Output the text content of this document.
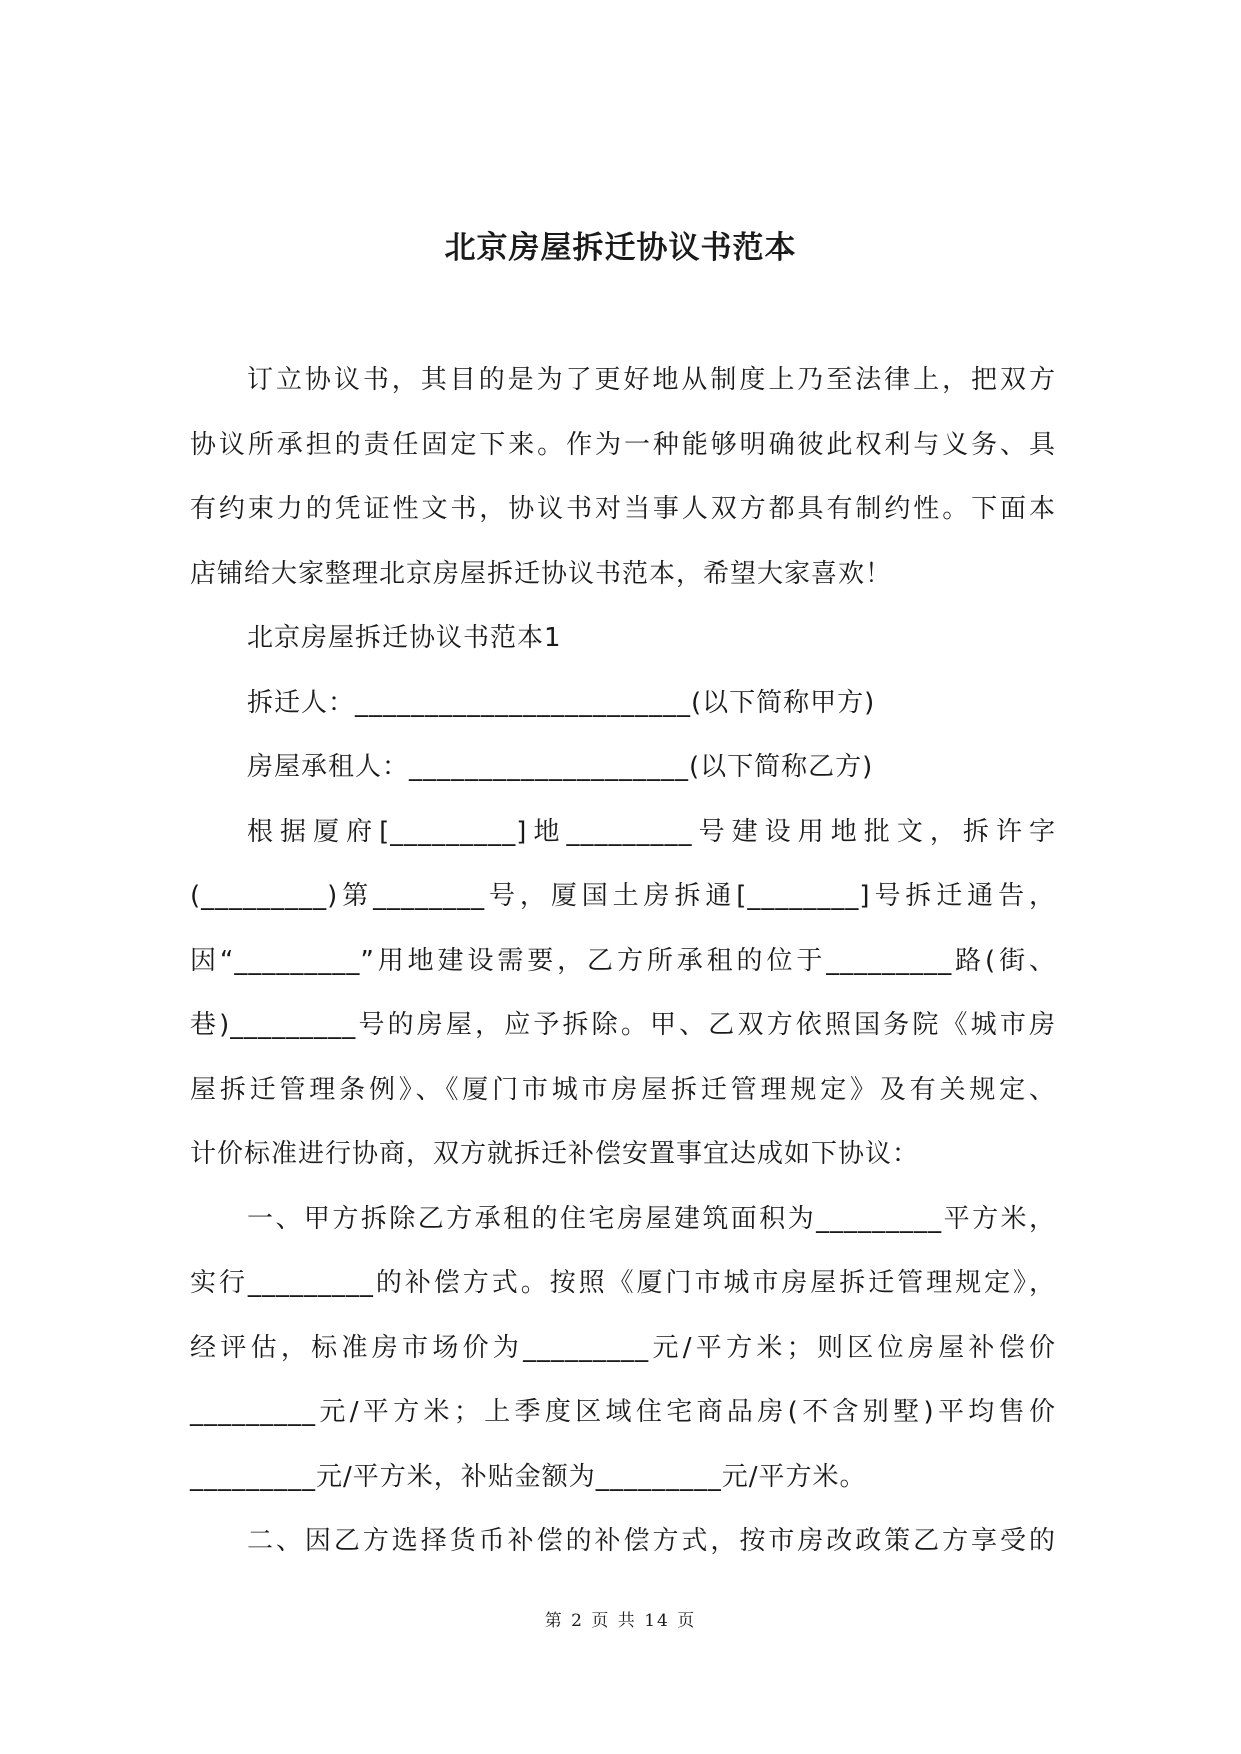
北京房屋拆迁协议书范本
订立协议书，其目的是为了更好地从制度上乃至法律上，把双方
协议所承担的责任固定下来。作为一种能够明确彼此权利与义务、具
有约束力的凭证性文书，协议书对当事人双方都具有制约性。下面本
店铺给大家整理北京房屋拆迁协议书范本，希望大家喜欢！
北京房屋拆迁协议书范本1
拆迁人：________________________(以下简称甲方)
房屋承租人：____________________(以下简称乙方)
根据厦府[_________]地_________号建设用地批文，拆许字
(_________)第________号，厦国土房拆通[________]号拆迁通告，
因“_________”用地建设需要，乙方所承租的位于_________路(街、
巷)_________号的房屋，应予拆除。甲、乙双方依照国务院《城市房
屋拆迁管理条例》、《厦门市城市房屋拆迁管理规定》及有关规定、
计价标准进行协商，双方就拆迁补偿安置事宜达成如下协议：
一、甲方拆除乙方承租的住宅房屋建筑面积为_________平方米，
实行_________的补偿方式。按照《厦门市城市房屋拆迁管理规定》，
经评估，标准房市场价为_________元/平方米；则区位房屋补偿价
_________元/平方米；上季度区域住宅商品房(不含别墅)平均售价
_________元/平方米，补贴金额为_________元/平方米。
二、因乙方选择货币补偿的补偿方式，按市房改政策乙方享受的
第 2 页 共 14 页
